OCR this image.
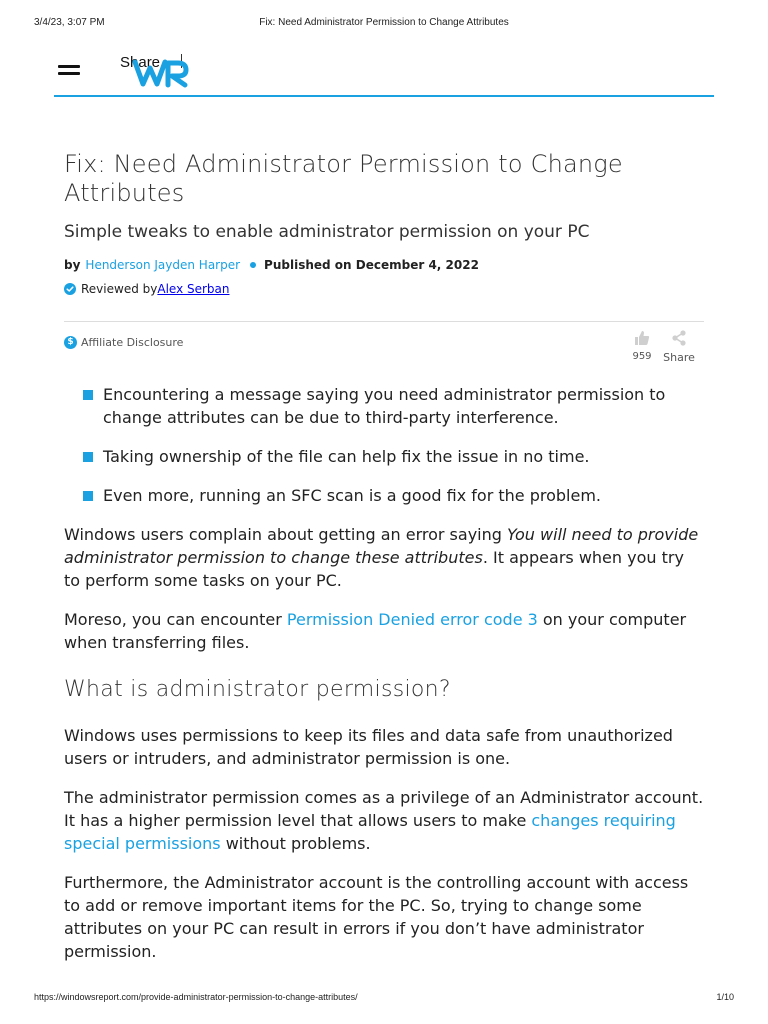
3/4/23, 3:07 PM	Fix: Need Administrator Permission to Change Attributes
Share
Fix: Need Administrator Permission to Change Attributes
Simple tweaks to enable administrator permission on your PC
by Henderson Jayden Harper Published on December 4, 2022
Reviewed by Alex Serban
$ Affiliate Disclosure
959	Share
Encountering a message saying you need administrator permission to change attributes can be due to third-party interference.
Taking ownership of the file can help fix the issue in no time.
Even more, running an SFC scan is a good fix for the problem.

Windows users complain about getting an error saying You will need to provide administrator permission to change these attributes. It appears when you try to perform some tasks on your PC.

Moreso, you can encounter Permission Denied error code 3 on your computer when transferring files.

What is administrator permission?

Windows uses permissions to keep its files and data safe from unauthorized users or intruders, and administrator permission is one.

The administrator permission comes as a privilege of an Administrator account. It has a higher permission level that allows users to make changes requiring special permissions without problems.

Furthermore, the Administrator account is the controlling account with access to add or remove important items for the PC. So, trying to change some attributes on your PC can result in errors if you don’t have administrator permission.

https://windowsreport.com/provide-administrator-permission-to-change-attributes/	1/10
